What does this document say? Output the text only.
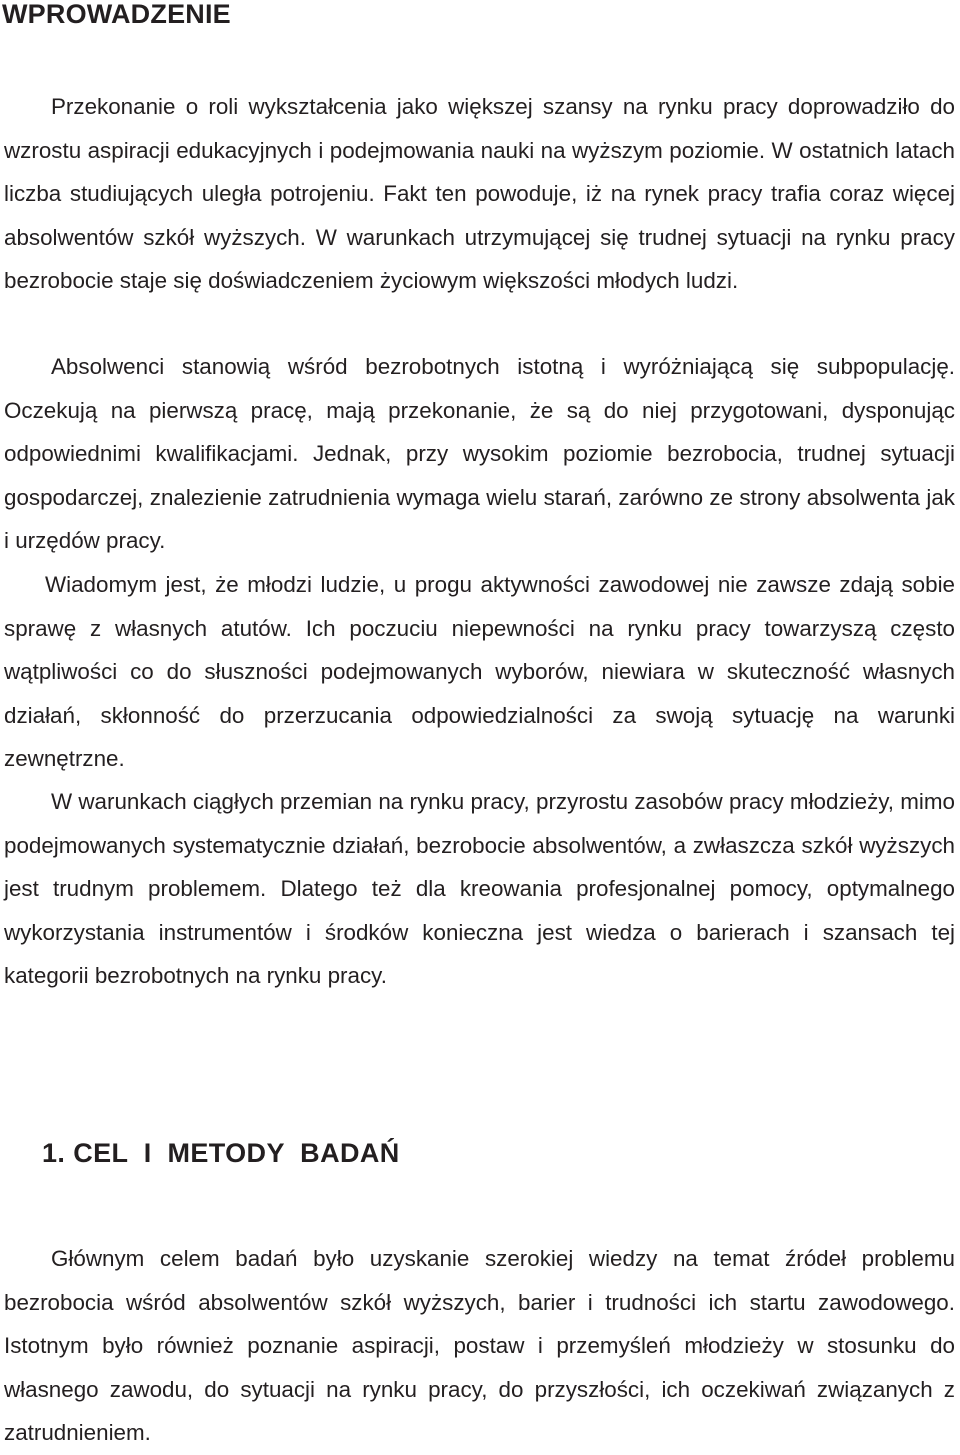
WPROWADZENIE

Przekonanie o roli wykształcenia jako większej szansy na rynku pracy doprowadziło do wzrostu aspiracji edukacyjnych i podejmowania nauki na wyższym poziomie. W ostatnich latach liczba studiujących uległa potrojeniu. Fakt ten powoduje, iż na rynek pracy trafia coraz więcej absolwentów szkół wyższych. W warunkach utrzymującej się trudnej sytuacji na rynku pracy bezrobocie staje się doświadczeniem życiowym większości młodych ludzi.

Absolwenci stanowią wśród bezrobotnych istotną i wyróżniającą się subpopulację. Oczekują na pierwszą pracę, mają przekonanie, że są do niej przygotowani, dysponując odpowiednimi kwalifikacjami. Jednak, przy wysokim poziomie bezrobocia, trudnej sytuacji gospodarczej, znalezienie zatrudnienia wymaga wielu starań, zarówno ze strony absolwenta jak i urzędów pracy.

Wiadomym jest, że młodzi ludzie, u progu aktywności zawodowej nie zawsze zdają sobie sprawę z własnych atutów. Ich poczuciu niepewności na rynku pracy towarzyszą często wątpliwości co do słuszności podejmowanych wyborów, niewiara w skuteczność własnych działań, skłonność do przerzucania odpowiedzialności za swoją sytuację na warunki zewnętrzne.

W warunkach ciągłych przemian na rynku pracy, przyrostu zasobów pracy młodzieży, mimo podejmowanych systematycznie działań, bezrobocie absolwentów, a zwłaszcza szkół wyższych jest trudnym problemem. Dlatego też dla kreowania profesjonalnej pomocy, optymalnego wykorzystania instrumentów i środków konieczna jest wiedza o barierach i szansach tej kategorii bezrobotnych na rynku pracy.

1. CEL  I  METODY  BADAŃ

Głównym celem badań było uzyskanie szerokiej wiedzy na temat źródeł problemu bezrobocia wśród absolwentów szkół wyższych, barier i trudności ich startu zawodowego. Istotnym było również poznanie aspiracji, postaw i przemyśleń młodzieży w stosunku do własnego zawodu, do sytuacji na rynku pracy, do przyszłości, ich oczekiwań związanych z zatrudnieniem.
